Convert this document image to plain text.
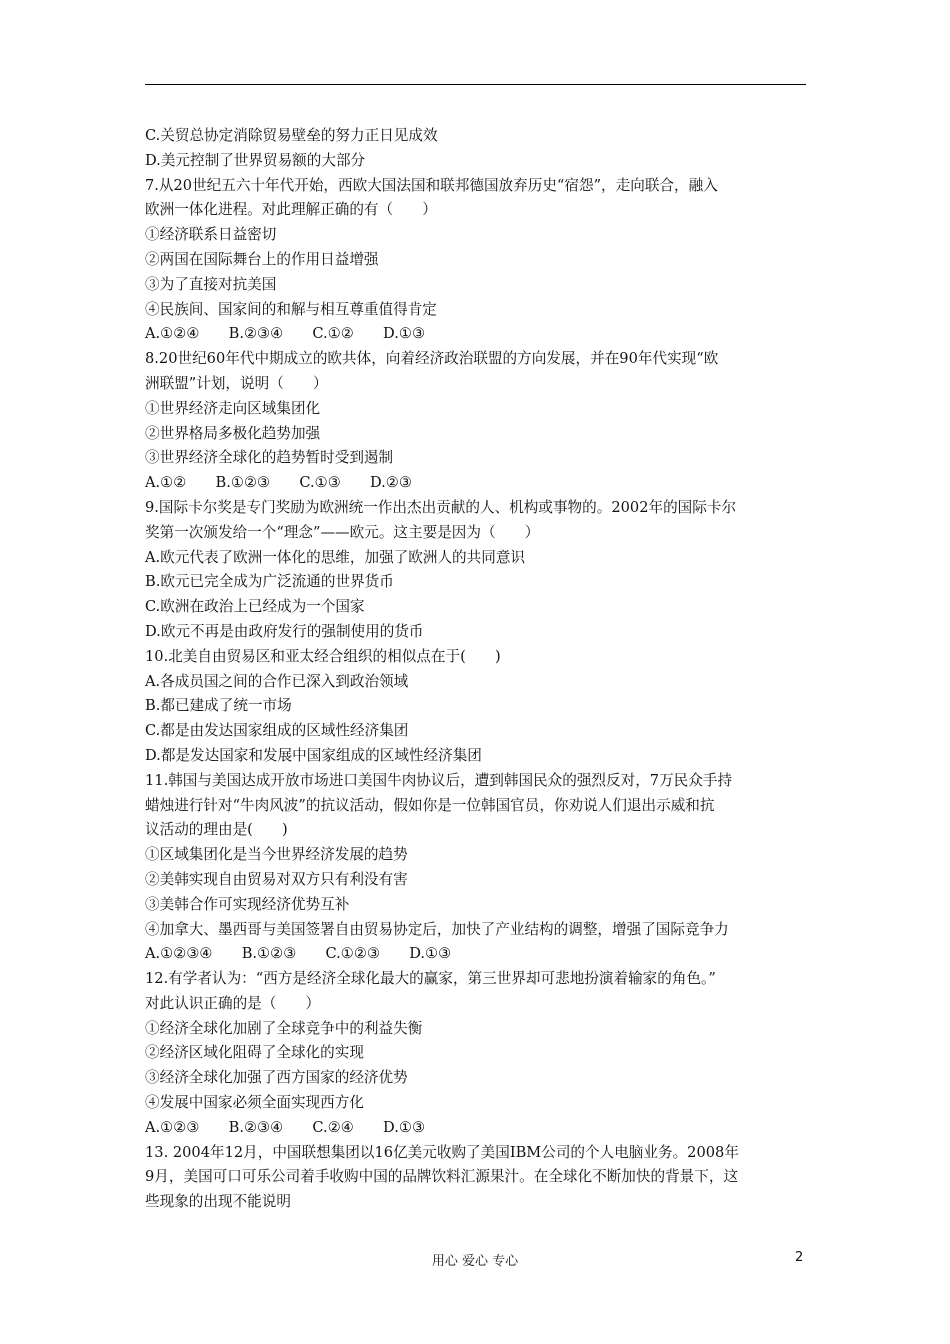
C.关贸总协定消除贸易壁垒的努力正日见成效
D.美元控制了世界贸易额的大部分
7.从20世纪五六十年代开始，西欧大国法国和联邦德国放弃历史“宿怨”，走向联合，融入
欧洲一体化进程。对此理解正确的有（　　）
①经济联系日益密切
②两国在国际舞台上的作用日益增强
③为了直接对抗美国
④民族间、国家间的和解与相互尊重值得肯定
A.①②④　　B.②③④　　C.①②　　D.①③
8.20世纪60年代中期成立的欧共体，向着经济政治联盟的方向发展，并在90年代实现“欧
洲联盟”计划，说明（　　）
①世界经济走向区域集团化
②世界格局多极化趋势加强
③世界经济全球化的趋势暂时受到遏制
A.①②　　B.①②③　　C.①③　　D.②③
9.国际卡尔奖是专门奖励为欧洲统一作出杰出贡献的人、机构或事物的。2002年的国际卡尔
奖第一次颁发给一个“理念”——欧元。这主要是因为（　　）
A.欧元代表了欧洲一体化的思维，加强了欧洲人的共同意识
B.欧元已完全成为广泛流通的世界货币
C.欧洲在政治上已经成为一个国家
D.欧元不再是由政府发行的强制使用的货币
10.北美自由贸易区和亚太经合组织的相似点在于(　　)
A.各成员国之间的合作已深入到政治领域
B.都已建成了统一市场
C.都是由发达国家组成的区域性经济集团
D.都是发达国家和发展中国家组成的区域性经济集团
11.韩国与美国达成开放市场进口美国牛肉协议后，遭到韩国民众的强烈反对，7万民众手持
蜡烛进行针对“牛肉风波”的抗议活动，假如你是一位韩国官员，你劝说人们退出示威和抗
议活动的理由是(　　)
①区域集团化是当今世界经济发展的趋势
②美韩实现自由贸易对双方只有利没有害
③美韩合作可实现经济优势互补
④加拿大、墨西哥与美国签署自由贸易协定后，加快了产业结构的调整，增强了国际竞争力
A.①②③④　　B.①②③　　C.①②③　　D.①③
12.有学者认为：“西方是经济全球化最大的赢家，第三世界却可悲地扮演着输家的角色。”
对此认识正确的是（　　）
①经济全球化加剧了全球竞争中的利益失衡
②经济区域化阻碍了全球化的实现
③经济全球化加强了西方国家的经济优势
④发展中国家必须全面实现西方化
A.①②③　　B.②③④　　C.②④　　D.①③
13. 2004年12月，中国联想集团以16亿美元收购了美国IBM公司的个人电脑业务。2008年
9月，美国可口可乐公司着手收购中国的品牌饮料汇源果汁。在全球化不断加快的背景下，这
些现象的出现不能说明
用心 爱心 专心	2
